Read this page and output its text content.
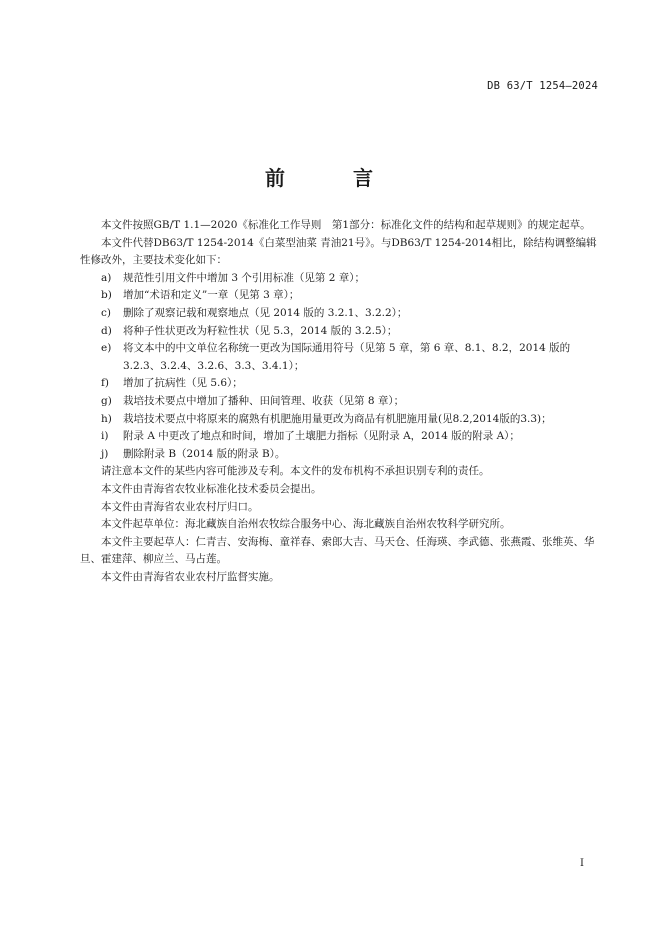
DB 63/T 1254—2024
前　言

本文件按照GB/T 1.1—2020《标准化工作导则　第1部分：标准化文件的结构和起草规则》的规定起草。

本文件代替DB63/T 1254-2014《白菜型油菜 青油21号》。与DB63/T 1254-2014相比，除结构调整编辑性修改外，主要技术变化如下：

a)	规范性引用文件中增加 3 个引用标准（见第 2 章）；
b)	增加“术语和定义”一章（见第 3 章）；
c)	删除了观察记载和观察地点（见 2014 版的 3.2.1、3.2.2）；
d)	将种子性状更改为籽粒性状（见 5.3，2014 版的 3.2.5）；
e)	将文本中的中文单位名称统一更改为国际通用符号（见第 5 章，第 6 章、8.1、8.2，2014 版的 3.2.3、3.2.4、3.2.6、3.3、3.4.1）；
f)	增加了抗病性（见 5.6）；
g)	栽培技术要点中增加了播种、田间管理、收获（见第 8 章）；
h)	栽培技术要点中将原来的腐熟有机肥施用量更改为商品有机肥施用量(见8.2,2014版的3.3)；
i)	附录 A 中更改了地点和时间，增加了土壤肥力指标（见附录 A，2014 版的附录 A）；
j)	删除附录 B（2014 版的附录 B）。

请注意本文件的某些内容可能涉及专利。本文件的发布机构不承担识别专利的责任。

本文件由青海省农牧业标准化技术委员会提出。

本文件由青海省农业农村厅归口。

本文件起草单位：海北藏族自治州农牧综合服务中心、海北藏族自治州农牧科学研究所。

本文件主要起草人：仁青吉、安海梅、童祥春、索郎大吉、马天仓、任海瑛、李武德、张燕霞、张维英、华旦、霍建萍、柳应兰、马占莲。

本文件由青海省农业农村厅监督实施。

I
